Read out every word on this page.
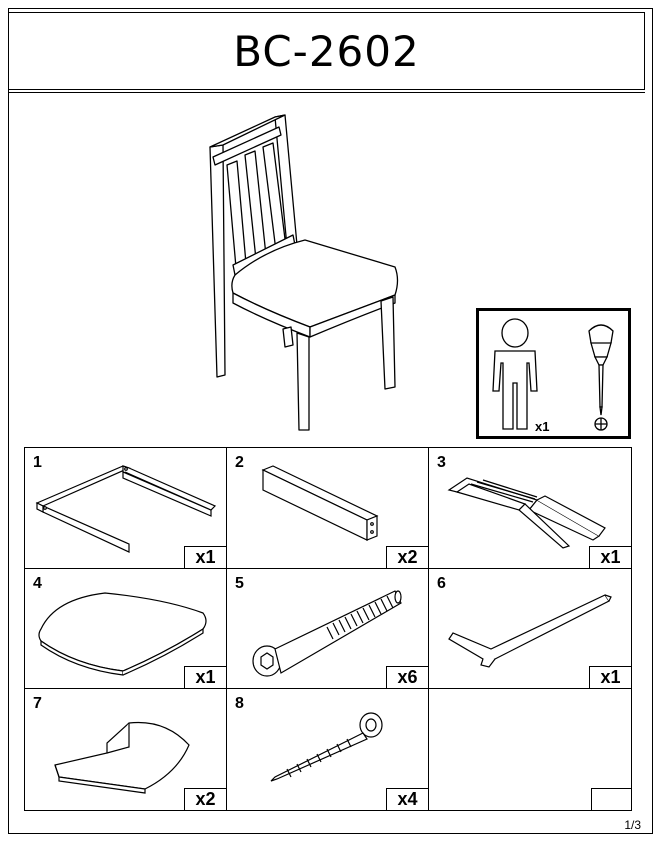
BC-2602
x1
1
x1
2
x2
3
x1
4
x1
5
x6
6
x1
7
x2
8
x4
1/3
